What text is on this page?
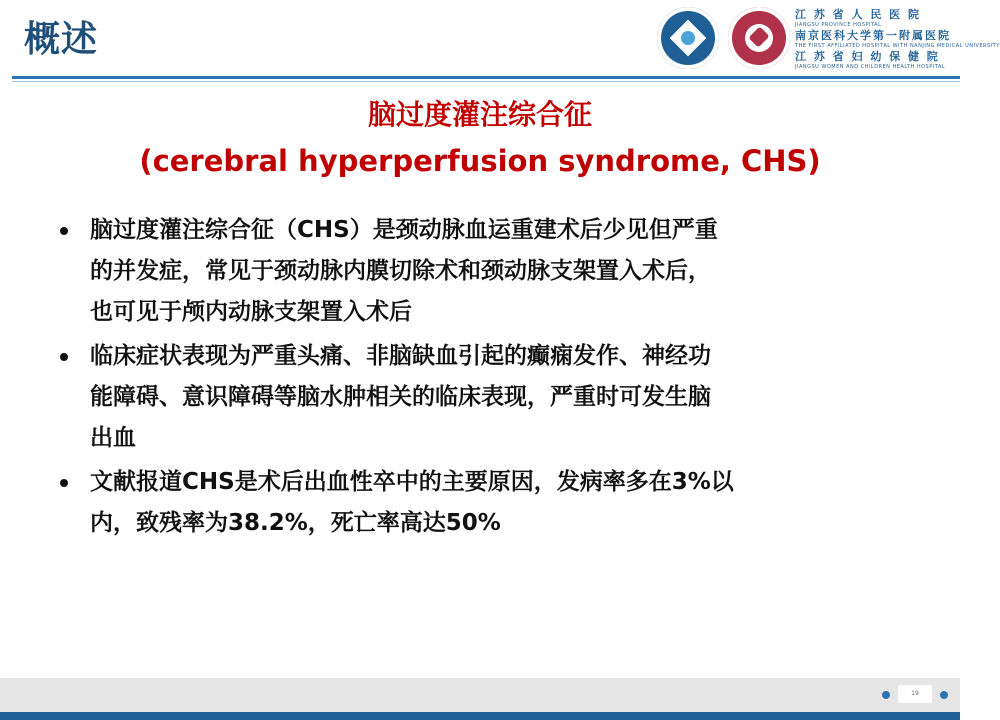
概述
江 苏 省 人 民 医 院
JIANGSU PROVINCE HOSPITAL
南京医科大学第一附属医院
THE FIRST AFFILIATED HOSPITAL WITH NANJING MEDICAL UNIVERSITY
江 苏 省 妇 幼 保 健 院
JIANGSU WOMEN AND CHILDREN HEALTH HOSPITAL
脑过度灌注综合征
(cerebral hyperperfusion syndrome, CHS)
脑过度灌注综合征（CHS）是颈动脉血运重建术后少见但严重
的并发症，常见于颈动脉内膜切除术和颈动脉支架置入术后，
也可见于颅内动脉支架置入术后
临床症状表现为严重头痛、非脑缺血引起的癫痫发作、神经功
能障碍、意识障碍等脑水肿相关的临床表现，严重时可发生脑
出血
文献报道CHS是术后出血性卒中的主要原因，发病率多在3%以
内，致残率为38.2%，死亡率高达50%
19
